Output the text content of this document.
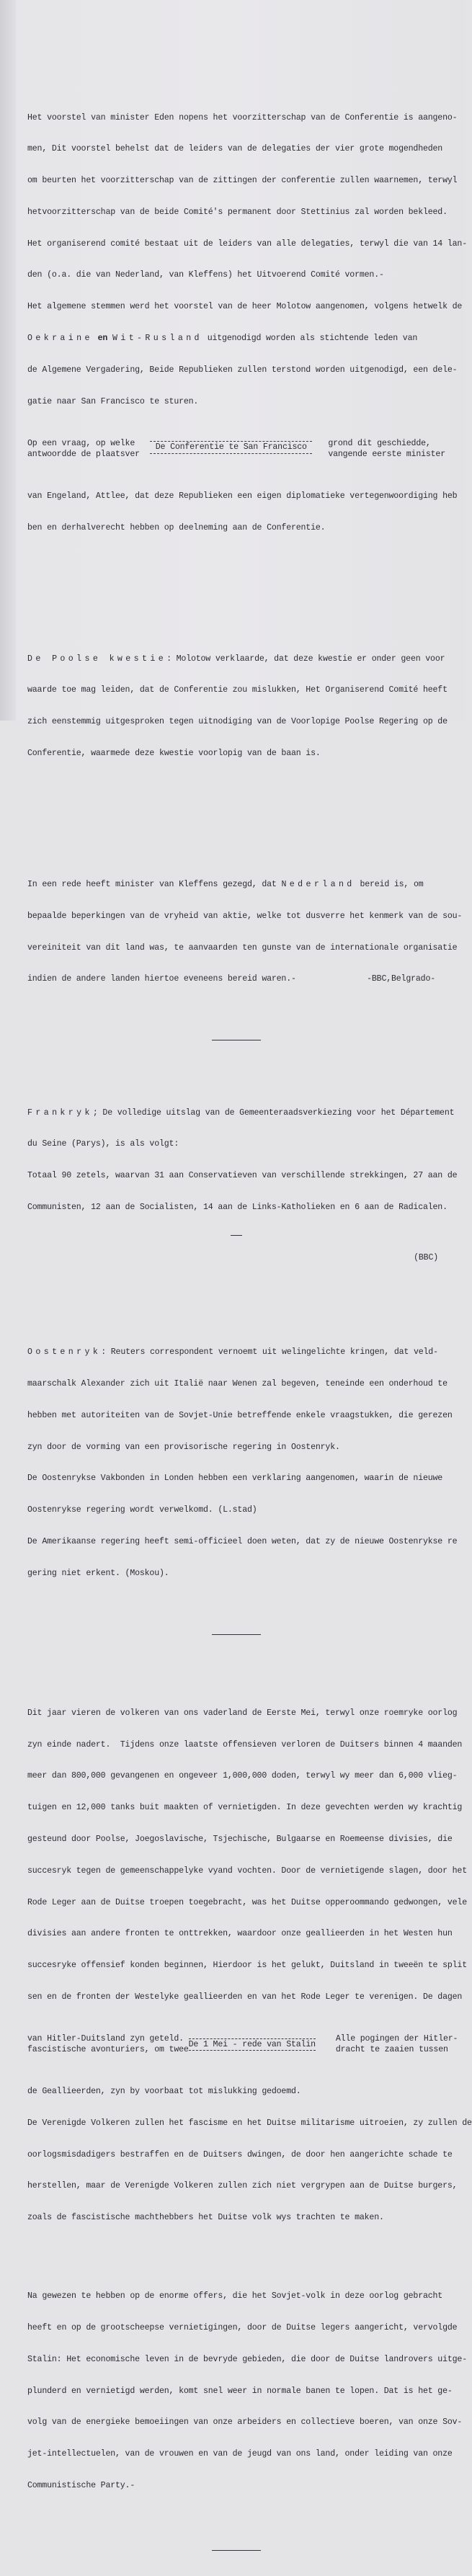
Het voorstel van minister Eden nopens het voorzitterschap van de Conferentie is aangeno-

men, Dit voorstel behelst dat de leiders van de delegaties der vier grote mogendheden

om beurten het voorzitterschap van de zittingen der conferentie zullen waarnemen, terwyl

hetvoorzitterschap van de beide Comité's permanent door Stettinius zal worden bekleed.

Het organiserend comité bestaat uit de leiders van alle delegaties, terwyl die van 14 lan-

den (o.a. die van Nederland, van Kleffens) het Uitvoerend Comité vormen.-

Het algemene stemmen werd het voorstel van de heer Molotow aangenomen, volgens hetwelk de

Oekraine en Wit-Rusland uitgenodigd worden als stichtende leden van

de Algemene Vergadering, Beide Republieken zullen terstond worden uitgenodigd, een dele-

gatie naar San Francisco te sturen.

Op een vraag, op welke
antwoordde de plaatsver
De Conferentie te San Francisco	grond dit geschiedde,
vangende eerste minister

van Engeland, Attlee, dat deze Republieken een eigen diplomatieke vertegenwoordiging heb

ben en derhalverecht hebben op deelneming aan de Conferentie.

De Poolse kwestie: Molotow verklaarde, dat deze kwestie er onder geen voor

waarde toe mag leiden, dat de Conferentie zou mislukken, Het Organiserend Comité heeft

zich eenstemmig uitgesproken tegen uitnodiging van de Voorlopige Poolse Regering op de

Conferentie, waarmede deze kwestie voorlopig van de baan is.

In een rede heeft minister van Kleffens gezegd, dat Nederland bereid is, om

bepaalde beperkingen van de vryheid van aktie, welke tot dusverre het kenmerk van de sou-

vereiniteit van dit land was, te aanvaarden ten gunste van de internationale organisatie

indien de andere landen hiertoe eveneens bereid waren.-	-BBC,Belgrado-

Frankryk; De volledige uitslag van de Gemeenteraadsverkiezing voor het Département

du Seine (Parys), is als volgt:

Totaal 90 zetels, waarvan 31 aan Conservatieven van verschillende strekkingen, 27 aan de

Communisten, 12 aan de Socialisten, 14 aan de Links-Katholieken en 6 aan de Radicalen.

(BBC)

Oostenryk: Reuters correspondent vernoemt uit welingelichte kringen, dat veld-

maarschalk Alexander zich uit Italië naar Wenen zal begeven, teneinde een onderhoud te

hebben met autoriteiten van de Sovjet-Unie betreffende enkele vraagstukken, die gerezen

zyn door de vorming van een provisorische regering in Oostenryk.

De Oostenrykse Vakbonden in Londen hebben een verklaring aangenomen, waarin de nieuwe

Oostenrykse regering wordt verwelkomd. (L.stad)

De Amerikaanse regering heeft semi-officieel doen weten, dat zy de nieuwe Oostenrykse re

gering niet erkent. (Moskou).

Dit jaar vieren de volkeren van ons vaderland de Eerste Mei, terwyl onze roemryke oorlog

zyn einde nadert.  Tijdens onze laatste offensieven verloren de Duitsers binnen 4 maanden

meer dan 800,000 gevangenen en ongeveer 1,000,000 doden, terwyl wy meer dan 6,000 vlieg-

tuigen en 12,000 tanks buit maakten of vernietigden. In deze gevechten werden wy krachtig

gesteund door Poolse, Joegoslavische, Tsjechische, Bulgaarse en Roemeense divisies, die

succesryk tegen de gemeenschappelyke vyand vochten. Door de vernietigende slagen, door het

Rode Leger aan de Duitse troepen toegebracht, was het Duitse opperoommando gedwongen, vele

divisies aan andere fronten te onttrekken, waardoor onze geallieerden in het Westen hun

succesryke offensief konden beginnen, Hierdoor is het gelukt, Duitsland in tweeën te split

sen en de fronten der Westelyke geallieerden en van het Rode Leger te verenigen. De dagen

van Hitler-Duitsland zyn geteld.
fascistische avonturiers, om twee
De 1 Mei - rede van Stalin
Alle pogingen der Hitler-
dracht te zaaien tussen

de Geallieerden, zyn by voorbaat tot mislukking gedoemd.

De Verenigde Volkeren zullen het fascisme en het Duitse militarisme uitroeien, zy zullen de

oorlogsmisdadigers bestraffen en de Duitsers dwingen, de door hen aangerichte schade te

herstellen, maar de Verenigde Volkeren zullen zich niet vergrypen aan de Duitse burgers,

zoals de fascistische machthebbers het Duitse volk wys trachten te maken.

Na gewezen te hebben op de enorme offers, die het Sovjet-volk in deze oorlog gebracht

heeft en op de grootscheepse vernietigingen, door de Duitse legers aangericht, vervolgde

Stalin: Het economische leven in de bevryde gebieden, die door de Duitse landrovers uitge-

plunderd en vernietigd werden, komt snel weer in normale banen te lopen. Dat is het ge-

volg van de energieke bemoeiingen van onze arbeiders en collectieve boeren, van onze Sov-

jet-intellectuelen, van de vrouwen en van de jeugd van ons land, onder leiding van onze

Communistische Party.-
